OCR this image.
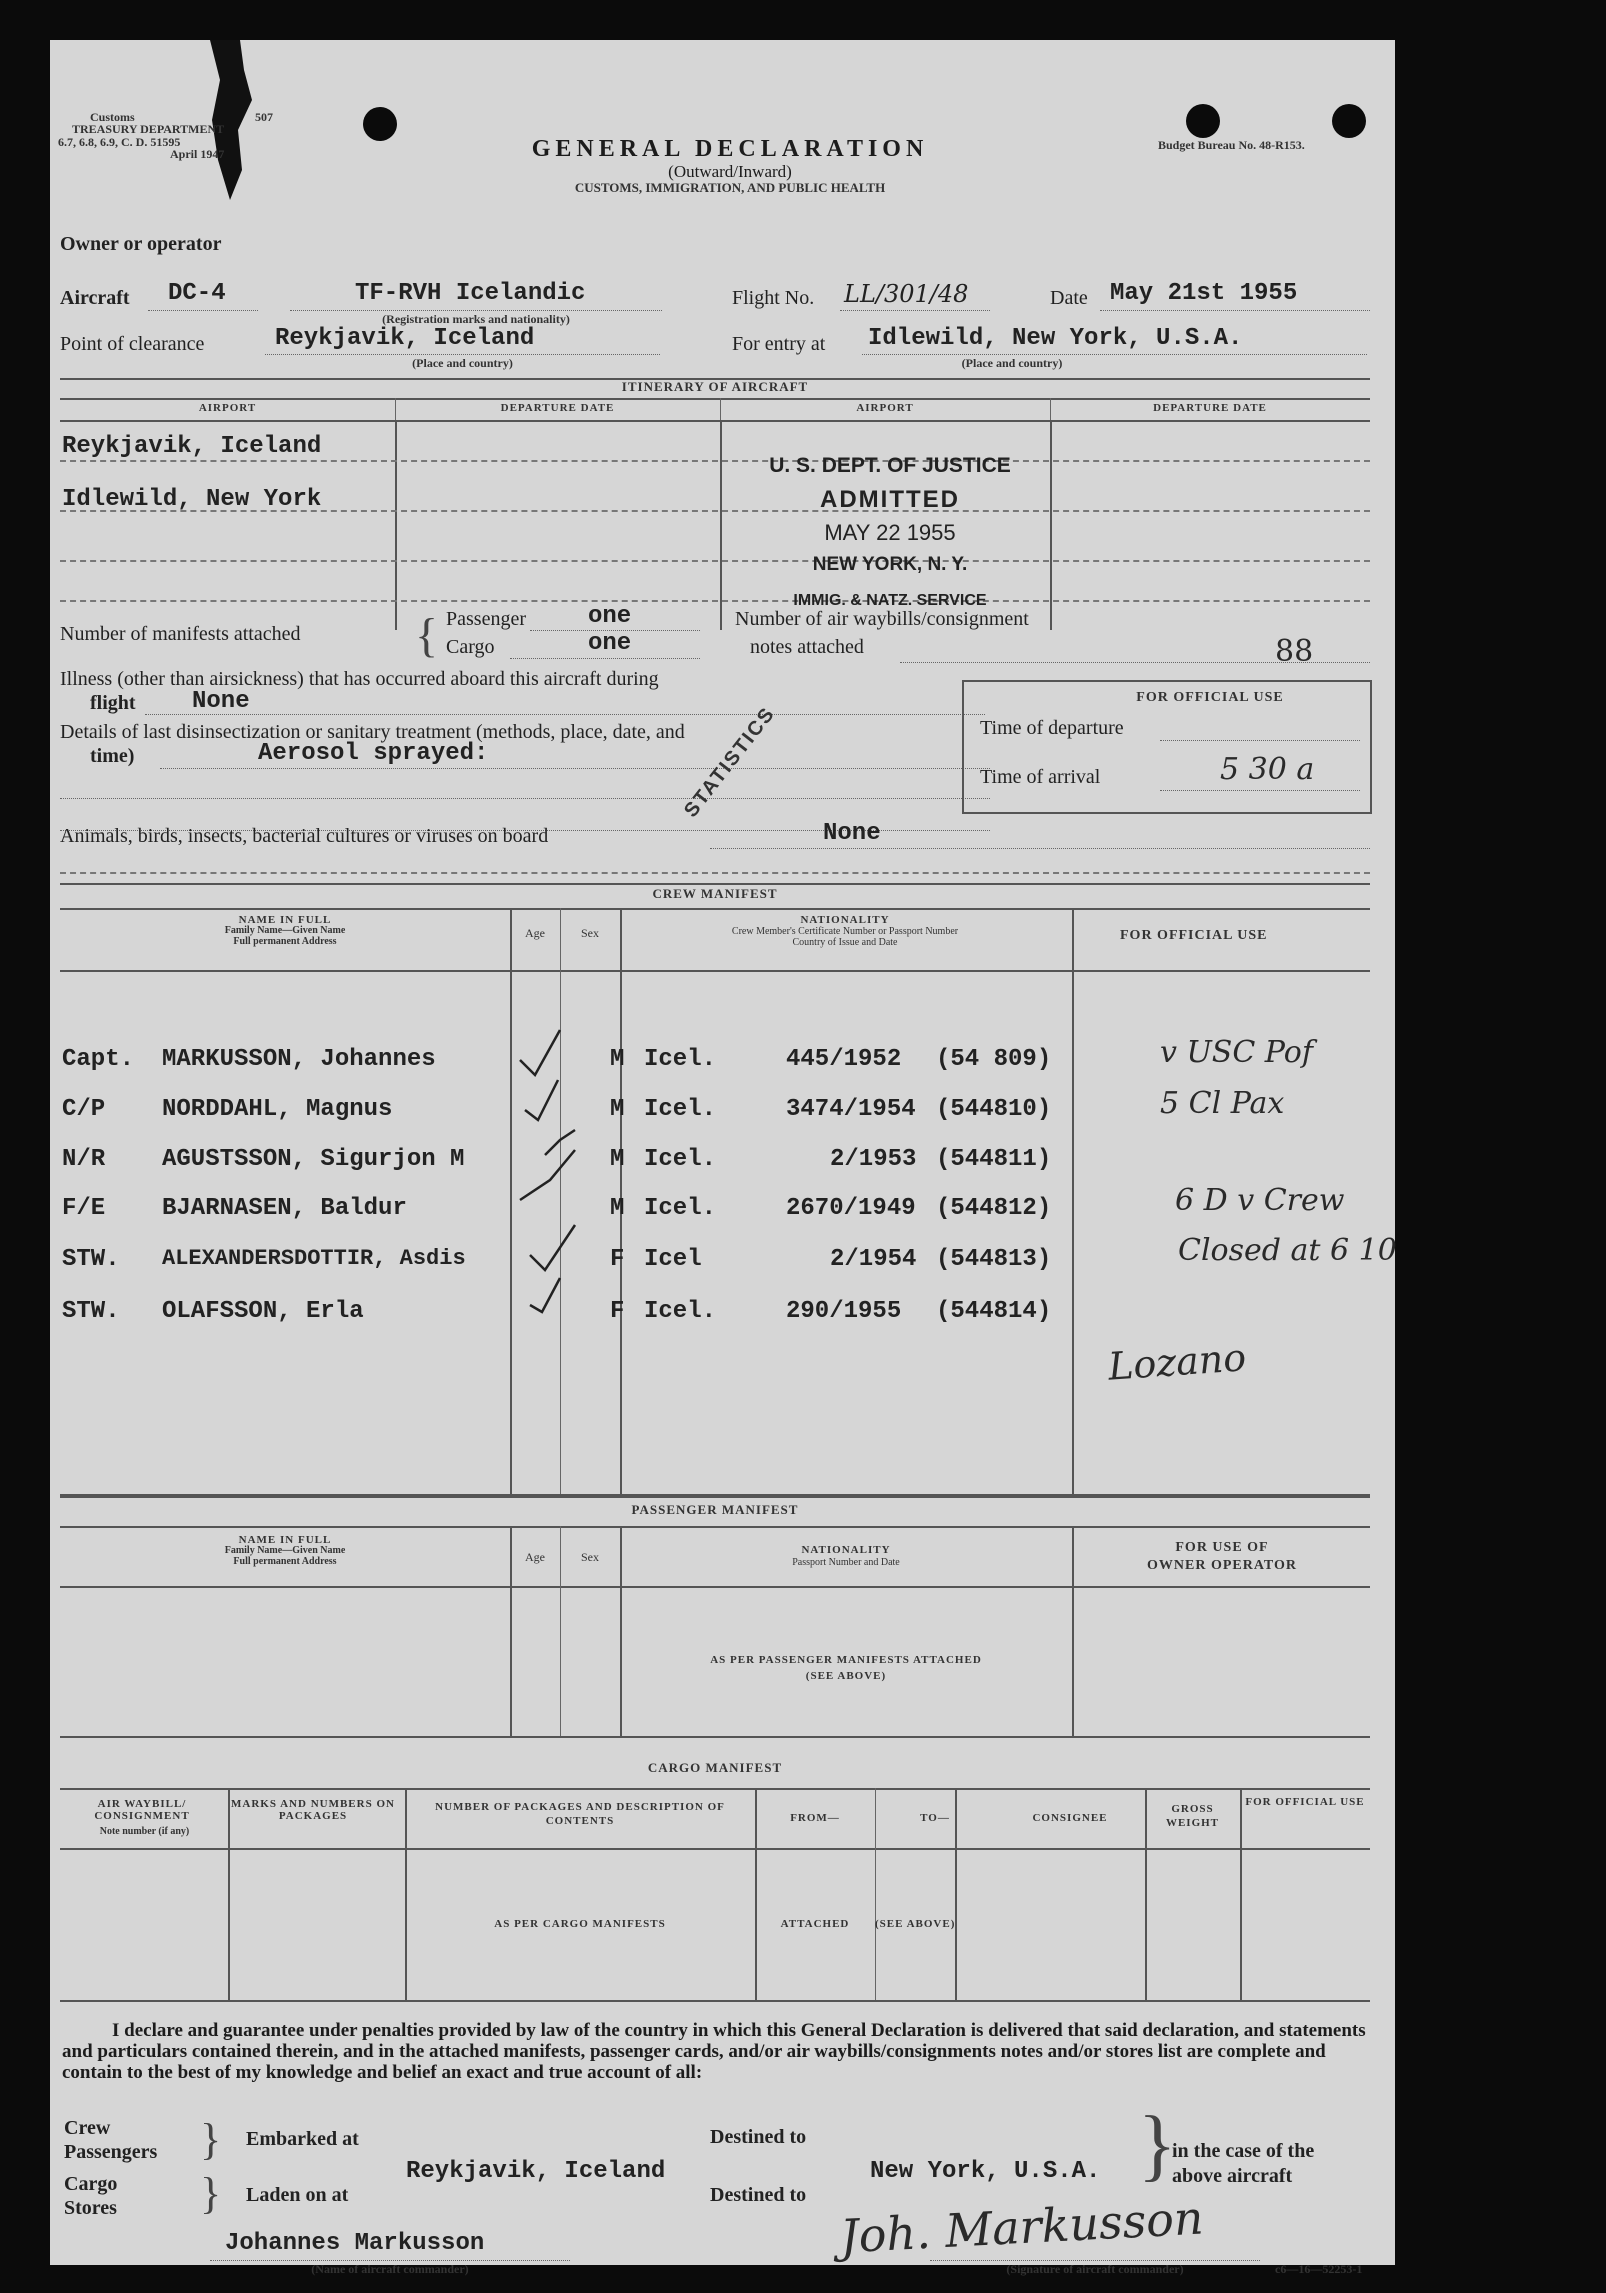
Customs	507
TREASURY DEPARTMENT
6.7, 6.8, 6.9, C. D. 51595
April 1947	GENERAL DECLARATION
(Outward/Inward)
CUSTOMS, IMMIGRATION, AND PUBLIC HEALTH
Budget Bureau No. 48-R153.
Owner or operator
Aircraft DC-4	TF-RVH Icelandic
(Registration marks and nationality)
Flight No. LL/301/48	Date May 21st 1955
Point of clearance	Reykjavik, Iceland
(Place and country)
For entry at Idlewild, New York, U.S.A.
(Place and country)
ITINERARY OF AIRCRAFT
AIRPORT	DEPARTURE DATE	AIRPORT	DEPARTURE DATE
Reykjavik, Iceland
Idlewild, New York
U. S. DEPT. OF JUSTICE
ADMITTED
MAY 22 1955
NEW YORK, N. Y.
IMMIG. & NATZ. SERVICE
Number of manifests attached { Passenger	one
Cargo	one
Number of air waybills/consignment
notes attached	88
Illness (other than airsickness) that has occurred aboard this aircraft during
flight None
Details of last disinsectization or sanitary treatment (methods, place, date, and
time)	Aerosol sprayed:	STATISTICS
FOR OFFICIAL USE
Time of departure
Time of arrival	5 30 a
Animals, birds, insects, bacterial cultures or viruses on board	None
CREW MANIFEST
NAME IN FULL
Family Name—Given Name
Full permanent Address
Age	Sex
NATIONALITY
Crew Member's Certificate Number or Passport Number
Country of Issue and Date	FOR OFFICIAL USE
Capt. MARKUSSON, Johannes	M Icel.	445/1952 (54 809)	v USC Pof
C/P NORDDAHL, Magnus	M Icel.	3474/1954 (544810)	5 Cl Pax
N/R AGUSTSSON, Sigurjon M	M Icel.	2/1953 (544811)
F/E BJARNASEN, Baldur	M Icel.	2670/1949 (544812)	6 D v Crew
STW. ALEXANDERSDOTTIR, Asdis	F Icel	2/1954 (544813)	Closed at 6 10
STW. OLAFSSON, Erla	F Icel.	290/1955 (544814)
Lozano
PASSENGER MANIFEST
NAME IN FULL
Family Name—Given Name
Full permanent Address	Age	Sex	NATIONALITY
Passport Number and Date
FOR USE OF
OWNER OPERATOR
AS PER PASSENGER MANIFESTS ATTACHED
(SEE ABOVE)
CARGO MANIFEST
AIR WAYBILL/ CONSIGNMENT
Note number (if any)
MARKS AND NUMBERS ON PACKAGES
NUMBER OF PACKAGES AND DESCRIPTION OF CONTENTS	FROM—	TO—	CONSIGNEE
GROSS WEIGHT
FOR OFFICIAL USE
AS PER CARGO MANIFESTS	ATTACHED	(SEE ABOVE)
I declare and guarantee under penalties provided by law of the country in which this General Declaration is delivered that said declaration, and statements and particulars contained therein, and in the attached manifests, passenger cards, and/or air waybills/consignments notes and/or stores list are complete and contain to the best of my knowledge and belief an exact and true account of all:
Crew
Passengers
Cargo
Stores
}
}
Embarked at
Laden on at
Reykjavik, Iceland
Destined to
Destined to
New York, U.S.A. }
in the case of the
above aircraft
Johannes Markusson
(Name of aircraft commander)
Joh. Markusson
(Signature of aircraft commander)	c6—16—52253-1
